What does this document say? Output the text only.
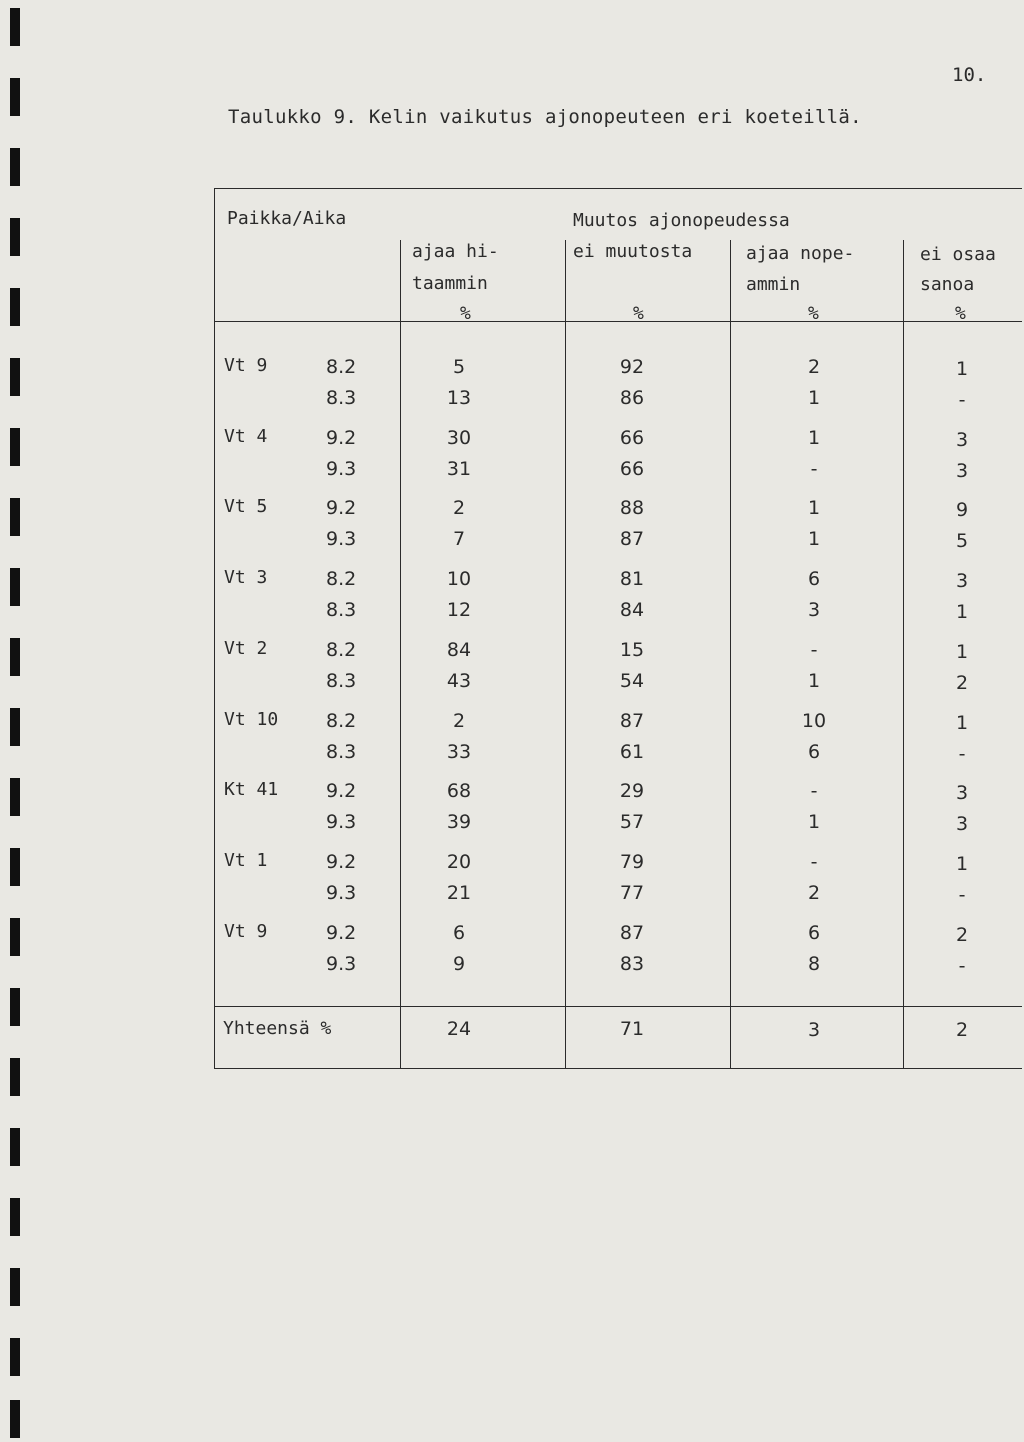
10.
Taulukko 9. Kelin vaikutus ajonopeuteen eri koeteillä.
Paikka/Aika	Muutos ajonopeudessa
ajaa hi-
taammin
%
ei muutosta
%
ajaa nope-
ammin
%
ei osaa
sanoa
%
Vt 9	8.2	5	92	2	1
8.3	13	86	1	-
Vt 4	9.2	30	66	1	3
9.3	31	66	-	3
Vt 5	9.2	2	88	1	9
9.3	7	87	1	5
Vt 3	8.2	10	81	6	3
8.3	12	84	3	1
Vt 2	8.2	84	15	-	1
8.3	43	54	1	2
Vt 10	8.2	2	87	10	1
8.3	33	61	6	-
Kt 41	9.2	68	29	-	3
9.3	39	57	1	3
Vt 1	9.2	20	79	-	1
9.3	21	77	2	-
Vt 9	9.2	6	87	6	2
9.3	9	83	8	-
Yhteensä %	24	71	3	2
